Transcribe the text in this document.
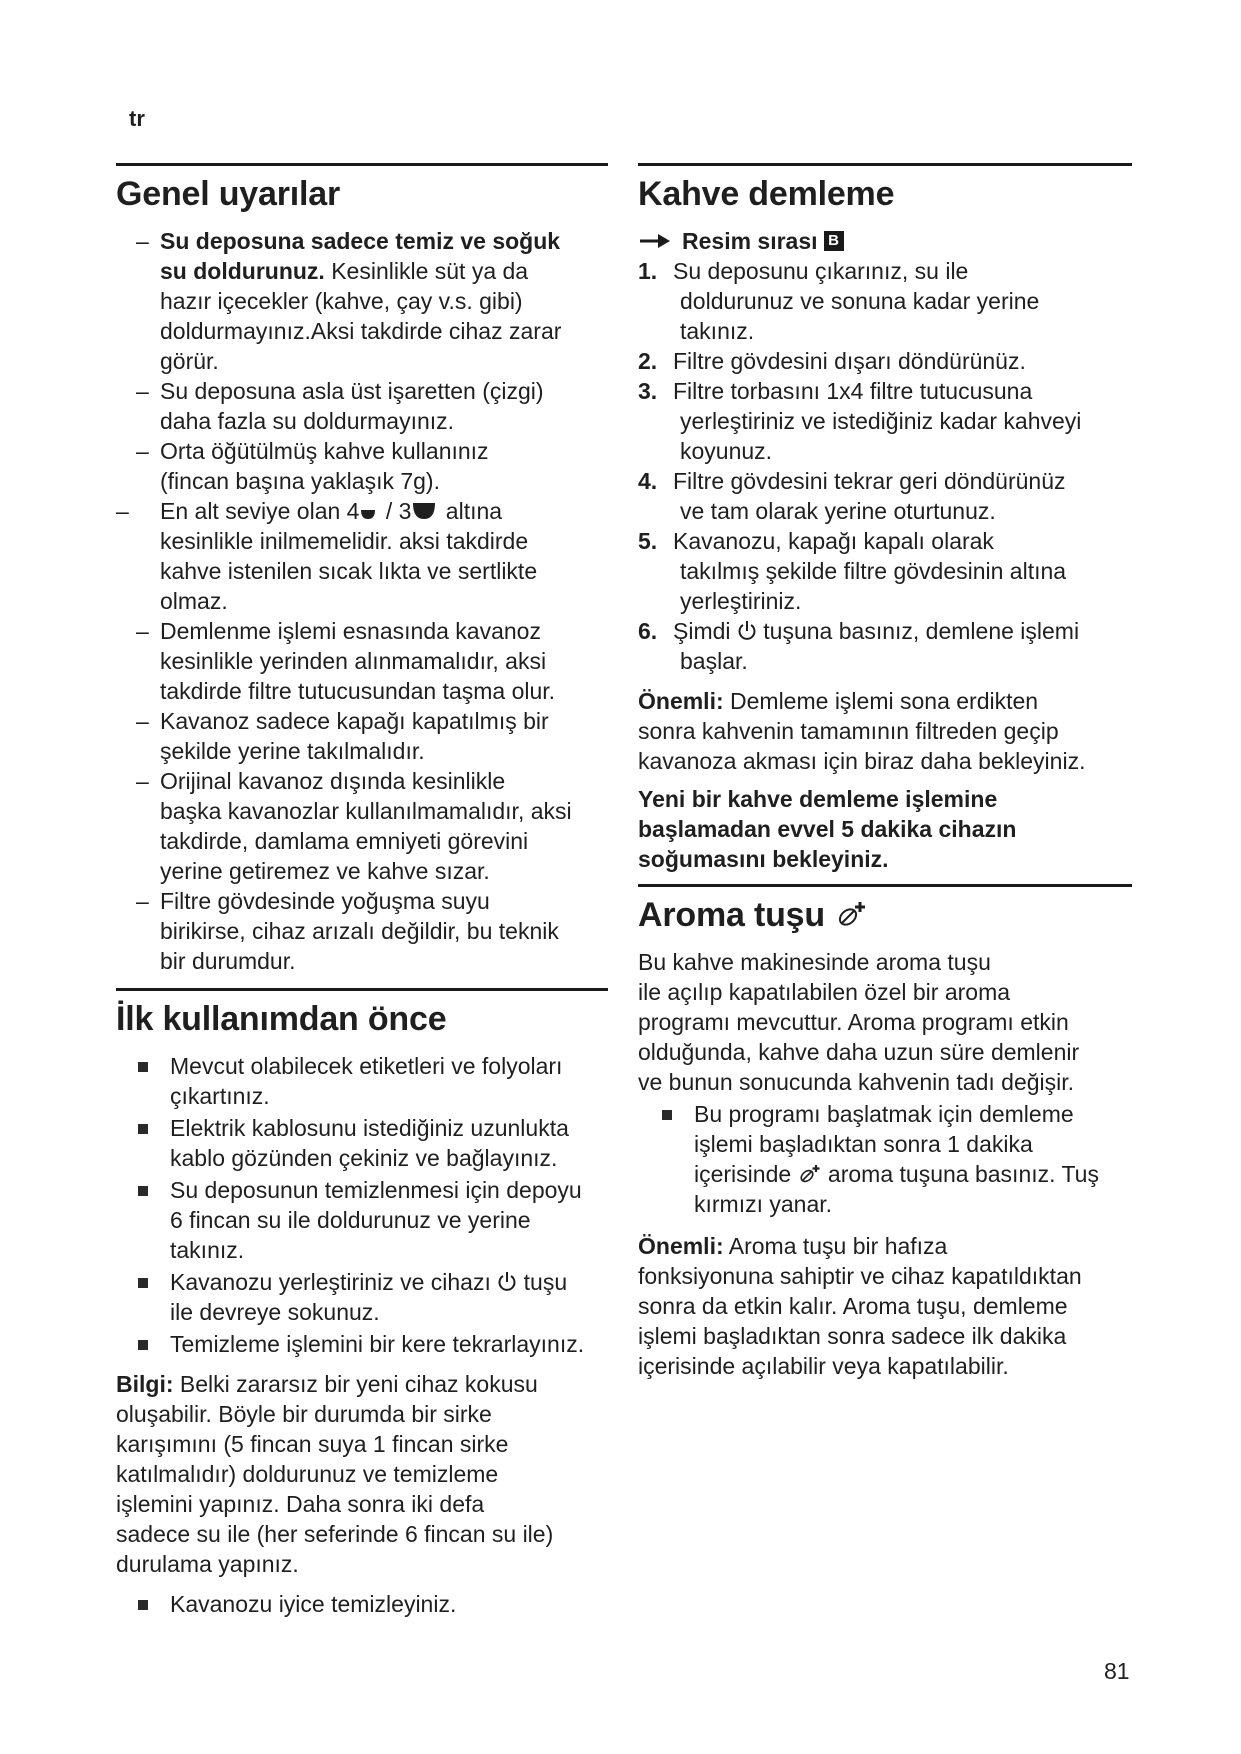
tr
Genel uyarılar
– Su deposuna sadece temiz ve soğuk
su doldurunuz. Kesinlikle süt ya da
hazır içecekler (kahve, çay v.s. gibi)
doldurmayınız.Aksi takdirde cihaz zarar
görür.
– Su deposuna asla üst işaretten (çizgi)
daha fazla su doldurmayınız.
– Orta öğütülmüş kahve kullanınız
(fincan başına yaklaşık 7g).
–	En alt seviye olan 4 / 3 altına
kesinlikle inilmemelidir. aksi takdirde
kahve istenilen sıcak lıkta ve sertlikte
olmaz.
– Demlenme işlemi esnasında kavanoz
kesinlikle yerinden alınmamalıdır, aksi
takdirde filtre tutucusundan taşma olur.
– Kavanoz sadece kapağı kapatılmış bir
şekilde yerine takılmalıdır.
– Orijinal kavanoz dışında kesinlikle
başka kavanozlar kullanılmamalıdır, aksi
takdirde, damlama emniyeti görevini
yerine getiremez ve kahve sızar.
– Filtre gövdesinde yoğuşma suyu
birikirse, cihaz arızalı değildir, bu teknik
bir durumdur.
İlk kullanımdan önce
Mevcut olabilecek etiketleri ve folyoları
çıkartınız.
Elektrik kablosunu istediğiniz uzunlukta
kablo gözünden çekiniz ve bağlayınız.
Su deposunun temizlenmesi için depoyu
6 fincan su ile doldurunuz ve yerine
takınız.
Kavanozu yerleştiriniz ve cihazı  tuşu
ile devreye sokunuz.
Temizleme işlemini bir kere tekrarlayınız.
Bilgi: Belki zararsız bir yeni cihaz kokusu
oluşabilir. Böyle bir durumda bir sirke
karışımını (5 fincan suya 1 fincan sirke
katılmalıdır) doldurunuz ve temizleme
işlemini yapınız. Daha sonra iki defa
sadece su ile (her seferinde 6 fincan su ile)
durulama yapınız.
Kavanozu iyice temizleyiniz.
Kahve demleme
Resim sırası B
1. Su deposunu çıkarınız, su ile
doldurunuz ve sonuna kadar yerine
takınız.
2. Filtre gövdesini dışarı döndürünüz.
3. Filtre torbasını 1x4 filtre tutucusuna
yerleştiriniz ve istediğiniz kadar kahveyi
koyunuz.
4. Filtre gövdesini tekrar geri döndürünüz
ve tam olarak yerine oturtunuz.
5. Kavanozu, kapağı kapalı olarak
takılmış şekilde filtre gövdesinin altına
yerleştiriniz.
6. Şimdi  tuşuna basınız, demlene işlemi
başlar.
Önemli: Demleme işlemi sona erdikten
sonra kahvenin tamamının filtreden geçip
kavanoza akması için biraz daha bekleyiniz.
Yeni bir kahve demleme işlemine
başlamadan evvel 5 dakika cihazın
soğumasını bekleyiniz.
Aroma tuşu
Bu kahve makinesinde aroma tuşu
ile açılıp kapatılabilen özel bir aroma
programı mevcuttur. Aroma programı etkin
olduğunda, kahve daha uzun süre demlenir
ve bunun sonucunda kahvenin tadı değişir.
Bu programı başlatmak için demleme
işlemi başladıktan sonra 1 dakika
içerisinde  aroma tuşuna basınız. Tuş
kırmızı yanar.
Önemli: Aroma tuşu bir hafıza
fonksiyonuna sahiptir ve cihaz kapatıldıktan
sonra da etkin kalır. Aroma tuşu, demleme
işlemi başladıktan sonra sadece ilk dakika
içerisinde açılabilir veya kapatılabilir.
81
